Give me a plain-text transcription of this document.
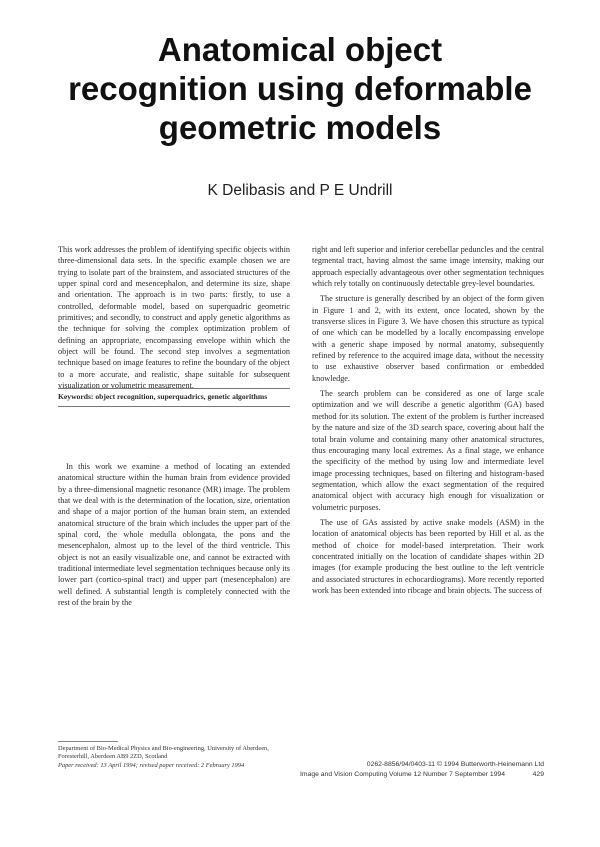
Anatomical object
recognition using deformable
geometric models
K Delibasis and P E Undrill

This work addresses the problem of identifying specific objects within three-dimensional data sets. In the specific example chosen we are trying to isolate part of the brainstem, and associated structures of the upper spinal cord and mesencephalon, and determine its size, shape and orientation. The approach is in two parts: firstly, to use a controlled, deformable model, based on superquadric geometric primitives; and secondly, to construct and apply genetic algorithms as the technique for solving the complex optimization problem of defining an appropriate, encompassing envelope within which the object will be found. The second step involves a segmentation technique based on image features to refine the boundary of the object to a more accurate, and realistic, shape suitable for subsequent visualization or volumetric measurement.

Keywords: object recognition, superquadrics, genetic algorithms

In this work we examine a method of locating an extended anatomical structure within the human brain from evidence provided by a three-dimensional magnetic resonance (MR) image. The problem that we deal with is the determination of the location, size, orientation and shape of a major portion of the human brain stem, an extended anatomical structure of the brain which includes the upper part of the spinal cord, the whole medulla oblongata, the pons and the mesencephalon, almost up to the level of the third ventricle. This object is not an easily visualizable one, and cannot be extracted with traditional intermediate level segmentation techniques because only its lower part (cortico-spinal tract) and upper part (mesencephalon) are well defined. A substantial length is completely connected with the rest of the brain by the

Department of Bio-Medical Physics and Bio-engineering, University of Aberdeen, Foresterhill, Aberdeen AB9 2ZD, Scotland
Paper received: 13 April 1994; revised paper received: 2 February 1994

right and left superior and inferior cerebellar peduncles and the central tegmental tract, having almost the same image intensity, making our approach especially advantageous over other segmentation techniques which rely totally on continuously detectable grey-level boundaries.

The structure is generally described by an object of the form given in Figure 1 and 2, with its extent, once located, shown by the transverse slices in Figure 3. We have chosen this structure as typical of one which can be modelled by a locally encompassing envelope with a generic shape imposed by normal anatomy, subsequently refined by reference to the acquired image data, without the necessity to use exhaustive observer based confirmation or embedded knowledge.

The search problem can be considered as one of large scale optimization and we will describe a genetic algorithm (GA) based method for its solution. The extent of the problem is further increased by the nature and size of the 3D search space, covering about half the total brain volume and containing many other anatomical structures, thus encouraging many local extremes. As a final stage, we enhance the specificity of the method by using low and intermediate level image processing techniques, based on filtering and histogram-based segmentation, which allow the exact segmentation of the required anatomical object with accuracy high enough for visualization or volumetric purposes.

The use of GAs assisted by active snake models (ASM) in the location of anatomical objects has been reported by Hill et al. as the method of choice for model-based interpretation. Their work concentrated initially on the location of candidate shapes within 2D images (for example producing the best outline to the left ventricle and associated structures in echocardiograms). More recently reported work has been extended into ribcage and brain objects. The success of

0262-8856/94/0403-11 © 1994 Butterworth-Heinemann Ltd
Image and Vision Computing Volume 12 Number 7 September 1994	429
